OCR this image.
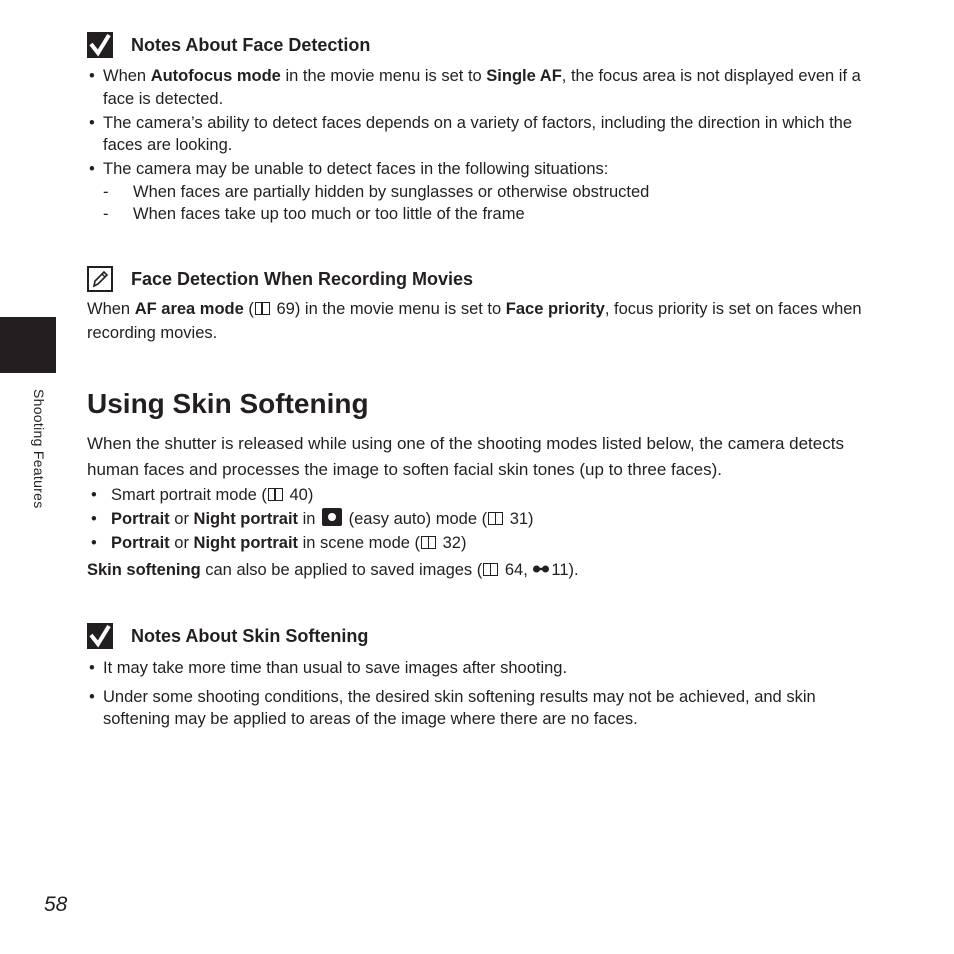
Shooting Features
Notes About Face Detection
• When Autofocus mode in the movie menu is set to Single AF, the focus area is not displayed even if a face is detected.
• The camera’s ability to detect faces depends on a variety of factors, including the direction in which the faces are looking.
• The camera may be unable to detect faces in the following situations:
- When faces are partially hidden by sunglasses or otherwise obstructed
- When faces take up too much or too little of the frame
Face Detection When Recording Movies
When AF area mode ( 69) in the movie menu is set to Face priority, focus priority is set on faces when recording movies.
Using Skin Softening
When the shutter is released while using one of the shooting modes listed below, the camera detects human faces and processes the image to soften facial skin tones (up to three faces).
• Smart portrait mode ( 40)
• Portrait or Night portrait in  (easy auto) mode ( 31)
• Portrait or Night portrait in scene mode ( 32)
Skin softening can also be applied to saved images ( 64, 11).
Notes About Skin Softening
• It may take more time than usual to save images after shooting.
• Under some shooting conditions, the desired skin softening results may not be achieved, and skin softening may be applied to areas of the image where there are no faces.
58
